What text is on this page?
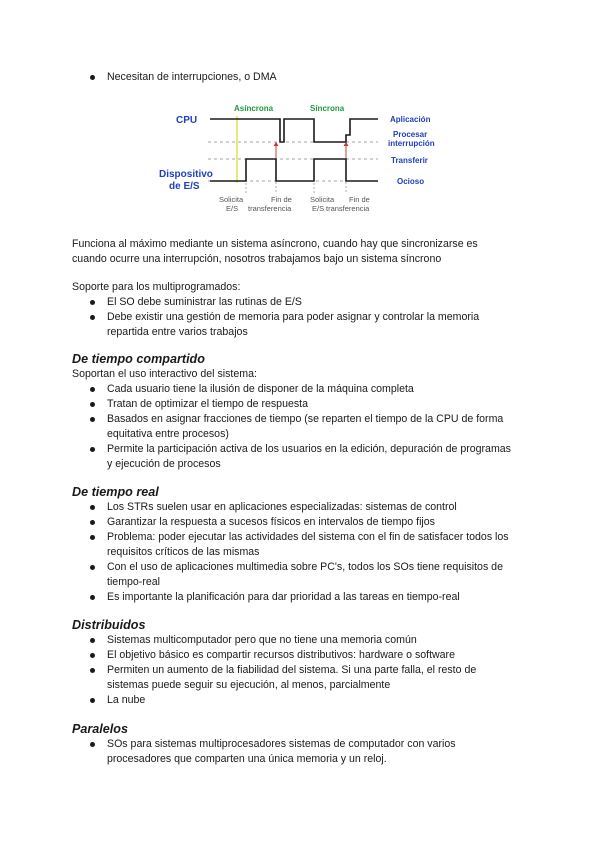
Necesitan de interrupciones, o DMA
CPU
Dispositivo
de E/S
Asíncrona	Síncrona
Aplicación
Procesar
interrupción
Transferir
Ocioso
Solicita
E/S
Fin de
transferencia
Solicita
E/S
Fin de
transferencia

Funciona al máximo mediante un sistema asíncrono, cuando hay que sincronizarse es cuando ocurre una interrupción, nosotros trabajamos bajo un sistema síncrono

Soporte para los multiprogramados:

El SO debe suministrar las rutinas de E/S
Debe existir una gestión de memoria para poder asignar y controlar la memoria repartida entre varios trabajos
De tiempo compartido

Soportan el uso interactivo del sistema:

Cada usuario tiene la ilusión de disponer de la máquina completa
Tratan de optimizar el tiempo de respuesta
Basados en asignar fracciones de tiempo (se reparten el tiempo de la CPU de forma equitativa entre procesos)
Permite la participación activa de los usuarios en la edición, depuración de programas y ejecución de procesos
De tiempo real
Los STRs suelen usar en aplicaciones especializadas: sistemas de control
Garantizar la respuesta a sucesos físicos en intervalos de tiempo fijos
Problema: poder ejecutar las actividades del sistema con el fin de satisfacer todos los requisitos críticos de las mismas
Con el uso de aplicaciones multimedia sobre PC's, todos los SOs tiene requisitos de tiempo-real
Es importante la planificación para dar prioridad a las tareas en tiempo-real
Distribuidos
Sistemas multicomputador pero que no tiene una memoria común
El objetivo básico es compartir recursos distributivos: hardware o software
Permiten un aumento de la fiabilidad del sistema. Si una parte falla, el resto de sistemas puede seguir su ejecución, al menos, parcialmente
La nube
Paralelos
SOs para sistemas multiprocesadores sistemas de computador con varios procesadores que comparten una única memoria y un reloj.
